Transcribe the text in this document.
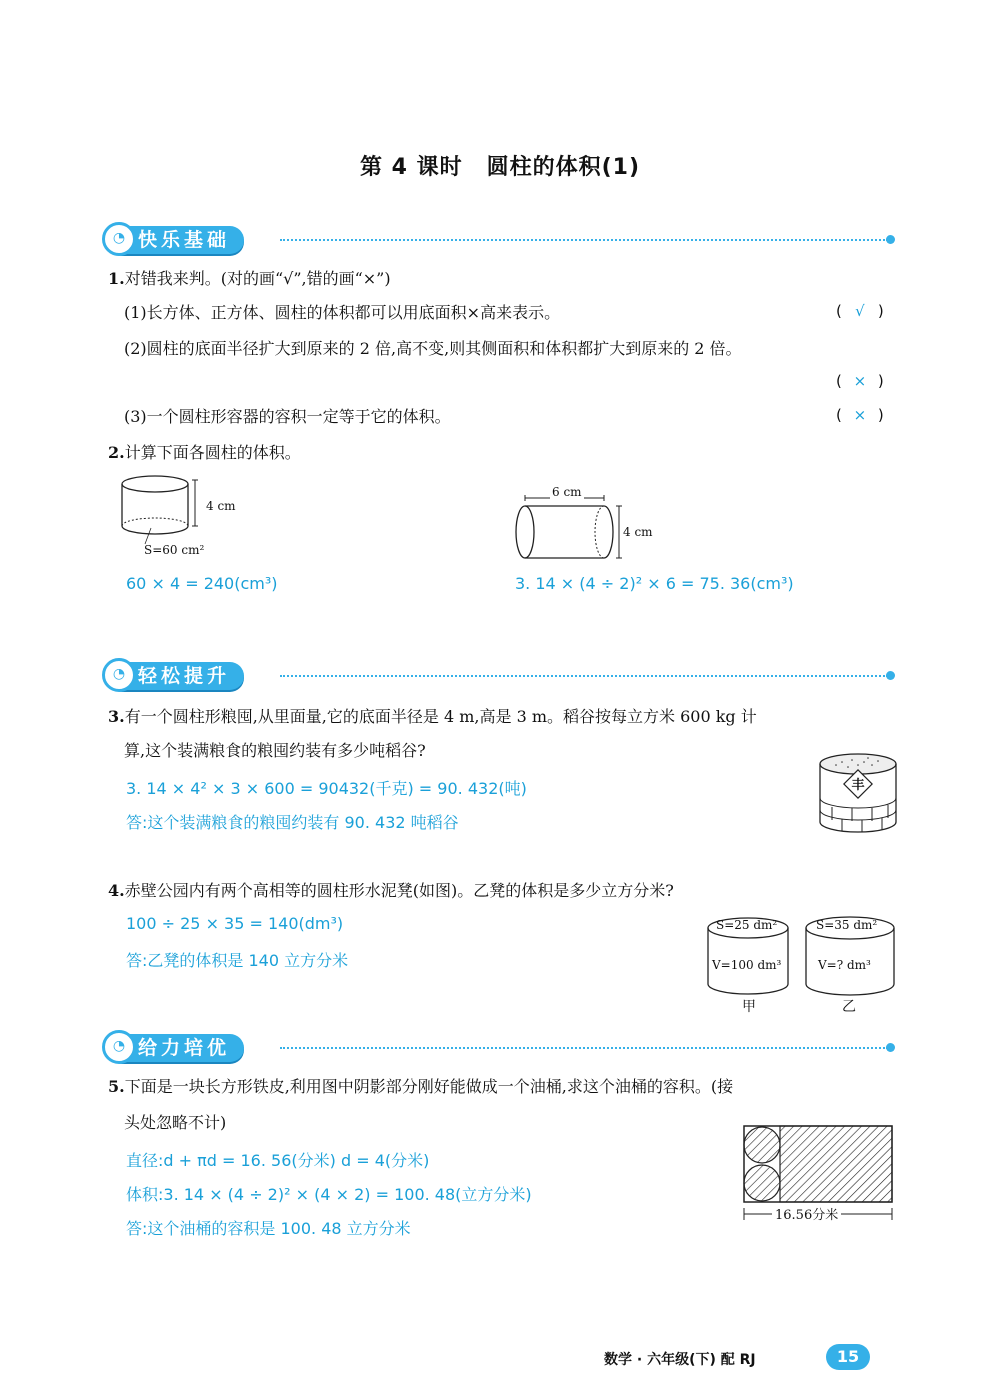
第 4 课时 圆柱的体积(1)
快乐基础
◔
1.对错我来判。(对的画“√”,错的画“×”)
(1)长方体、正方体、圆柱的体积都可以用底面积×高来表示。	( √ )
(2)圆柱的底面半径扩大到原来的 2 倍,高不变,则其侧面积和体积都扩大到原来的 2 倍。
( × )
(3)一个圆柱形容器的容积一定等于它的体积。	( × )
2.计算下面各圆柱的体积。
4 cm
S=60 cm²
60 × 4 = 240(cm³)
6 cm
4 cm
3. 14 × (4 ÷ 2)² × 6 = 75. 36(cm³)
轻松提升
◔
3.有一个圆柱形粮囤,从里面量,它的底面半径是 4 m,高是 3 m。稻谷按每立方米 600 kg 计
算,这个装满粮食的粮囤约装有多少吨稻谷?
3. 14 × 4² × 3 × 600 = 90432(千克) = 90. 432(吨)
答:这个装满粮食的粮囤约装有 90. 432 吨稻谷
丰
4.赤壁公园内有两个高相等的圆柱形水泥凳(如图)。乙凳的体积是多少立方分米?
100 ÷ 25 × 35 = 140(dm³)
答:乙凳的体积是 140 立方分米
S=25 dm²
V=100 dm³
甲
S=35 dm²
V=? dm³
乙
给力培优
◔
5.下面是一块长方形铁皮,利用图中阴影部分刚好能做成一个油桶,求这个油桶的容积。(接
头处忽略不计)
直径:d + πd = 16. 56(分米) d = 4(分米)
体积:3. 14 × (4 ÷ 2)² × (4 × 2) = 100. 48(立方分米)
答:这个油桶的容积是 100. 48 立方分米
16.56分米
数学 · 六年级(下) 配 RJ	15
